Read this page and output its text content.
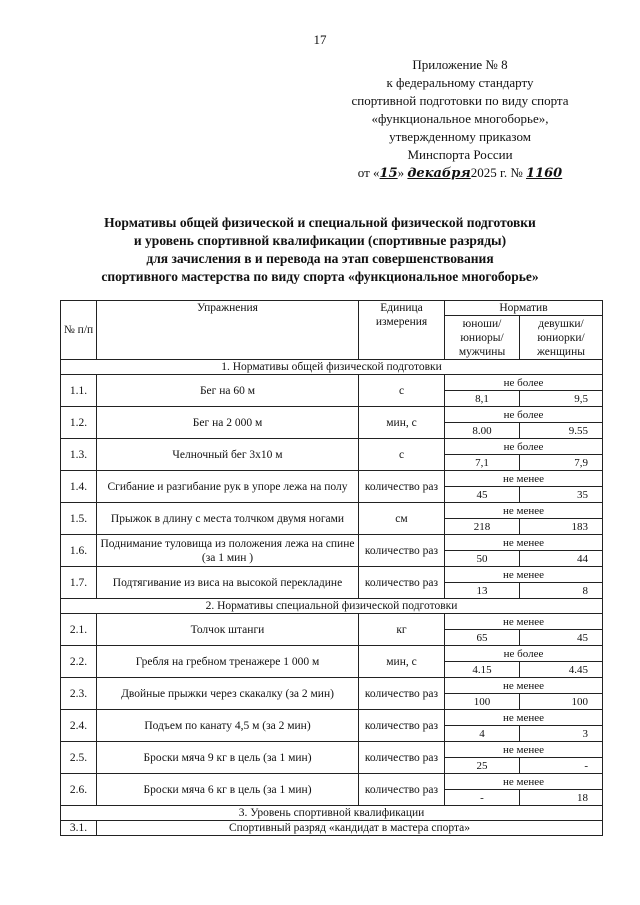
17
Приложение № 8
к федеральному стандарту
спортивной подготовки по виду спорта
«функциональное многоборье»,
утвержденному приказом
Минспорта России
от «15» декабря2025 г. № 1160
Нормативы общей физической и специальной физической подготовки
и уровень спортивной квалификации (спортивные разряды)
для зачисления в и перевода на этап совершенствования
спортивного мастерства по виду спорта «функциональное многоборье»
№ п/п	Упражнения	Единица измерения	Норматив	
			юноши/ юниоры/ мужчины	девушки/ юниорки/ женщины
1. Нормативы общей физической подготовки				
1.1.	Бег на 60 м	с	не более	
			8,1	9,5
1.2.	Бег на 2 000 м	мин, с	не более	
			8.00	9.55
1.3.	Челночный бег 3х10 м	с	не более	
			7,1	7,9
1.4.	Сгибание и разгибание рук в упоре лежа на полу	количество раз	не менее	
			45	35
1.5.	Прыжок в длину с места толчком двумя ногами	см	не менее	
			218	183
1.6.	Поднимание туловища из положения лежа на спине (за 1 мин )	количество раз	не менее	
			50	44
1.7.	Подтягивание из виса на высокой перекладине	количество раз	не менее	
			13	8
2. Нормативы специальной физической подготовки				
2.1.	Толчок штанги	кг	не менее	
			65	45
2.2.	Гребля на гребном тренажере 1 000 м	мин, с	не более	
			4.15	4.45
2.3.	Двойные прыжки через скакалку (за 2 мин)	количество раз	не менее	
			100	100
2.4.	Подъем по канату 4,5 м (за 2 мин)	количество раз	не менее	
			4	3
2.5.	Броски мяча 9 кг в цель (за 1 мин)	количество раз	не менее	
			25	-
2.6.	Броски мяча 6 кг в цель (за 1 мин)	количество раз	не менее	
			-	18
3. Уровень спортивной квалификации				
3.1.	Спортивный разряд «кандидат в мастера спорта»			
